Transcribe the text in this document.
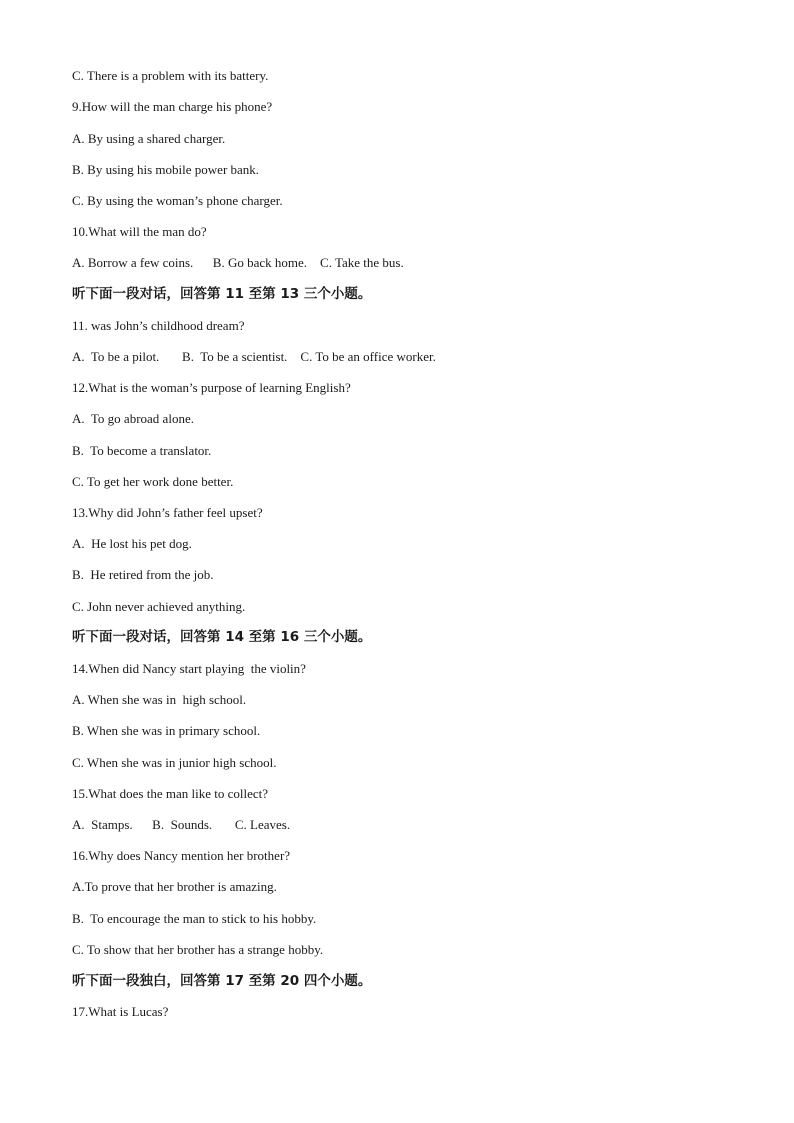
C. There is a problem with its battery.
9.How will the man charge his phone?
A. By using a shared charger.
B. By using his mobile power bank.
C. By using the woman’s phone charger.
10.What will the man do?
A. Borrow a few coins.      B. Go back home.    C. Take the bus.
听下面一段对话，回答第 11 至第 13 三个小题。
11. was John’s childhood dream?
A.  To be a pilot.       B.  To be a scientist.    C. To be an office worker.
12.What is the woman’s purpose of learning English?
A.  To go abroad alone.
B.  To become a translator.
C. To get her work done better.
13.Why did John’s father feel upset?
A.  He lost his pet dog.
B.  He retired from the job.
C. John never achieved anything.
听下面一段对话，回答第 14 至第 16 三个小题。
14.When did Nancy start playing  the violin?
A. When she was in  high school.
B. When she was in primary school.
C. When she was in junior high school.
15.What does the man like to collect?
A.  Stamps.      B.  Sounds.       C. Leaves.
16.Why does Nancy mention her brother?
A.To prove that her brother is amazing.
B.  To encourage the man to stick to his hobby.
C. To show that her brother has a strange hobby.
听下面一段独白，回答第 17 至第 20 四个小题。
17.What is Lucas?
